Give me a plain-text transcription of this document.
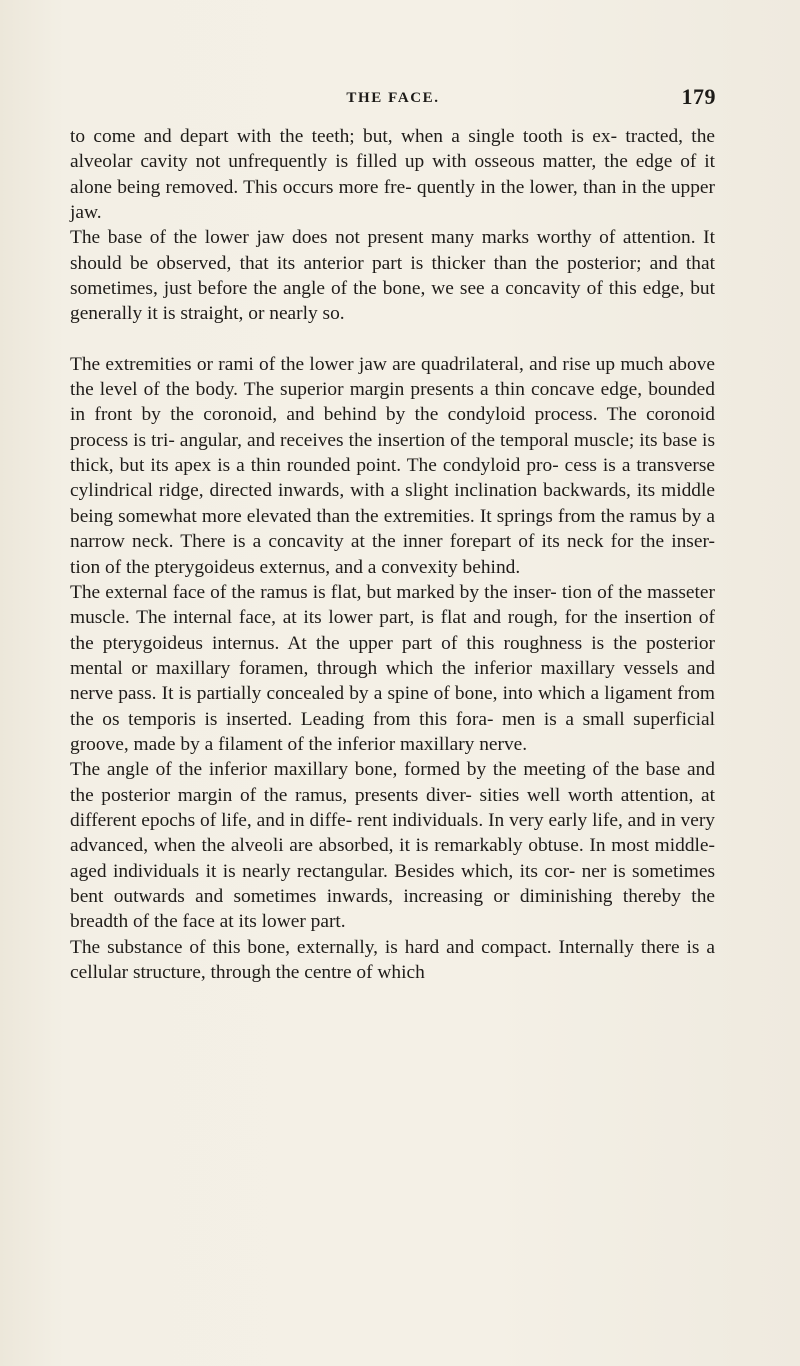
THE FACE.	179

to come and depart with the teeth; but, when a single tooth is ex- tracted, the alveolar cavity not unfrequently is filled up with osseous matter, the edge of it alone being removed. This occurs more fre- quently in the lower, than in the upper jaw.

The base of the lower jaw does not present many marks worthy of attention. It should be observed, that its anterior part is thicker than the posterior; and that sometimes, just before the angle of the bone, we see a concavity of this edge, but generally it is straight, or nearly so.

The extremities or rami of the lower jaw are quadrilateral, and rise up much above the level of the body. The superior margin presents a thin concave edge, bounded in front by the coronoid, and behind by the condyloid process. The coronoid process is tri- angular, and receives the insertion of the temporal muscle; its base is thick, but its apex is a thin rounded point. The condyloid pro- cess is a transverse cylindrical ridge, directed inwards, with a slight inclination backwards, its middle being somewhat more elevated than the extremities. It springs from the ramus by a narrow neck. There is a concavity at the inner forepart of its neck for the inser- tion of the pterygoideus externus, and a convexity behind.

The external face of the ramus is flat, but marked by the inser- tion of the masseter muscle. The internal face, at its lower part, is flat and rough, for the insertion of the pterygoideus internus. At the upper part of this roughness is the posterior mental or maxillary foramen, through which the inferior maxillary vessels and nerve pass. It is partially concealed by a spine of bone, into which a ligament from the os temporis is inserted. Leading from this fora- men is a small superficial groove, made by a filament of the inferior maxillary nerve.

The angle of the inferior maxillary bone, formed by the meeting of the base and the posterior margin of the ramus, presents diver- sities well worth attention, at different epochs of life, and in diffe- rent individuals. In very early life, and in very advanced, when the alveoli are absorbed, it is remarkably obtuse. In most middle- aged individuals it is nearly rectangular. Besides which, its cor- ner is sometimes bent outwards and sometimes inwards, increasing or diminishing thereby the breadth of the face at its lower part.

The substance of this bone, externally, is hard and compact. Internally there is a cellular structure, through the centre of which
